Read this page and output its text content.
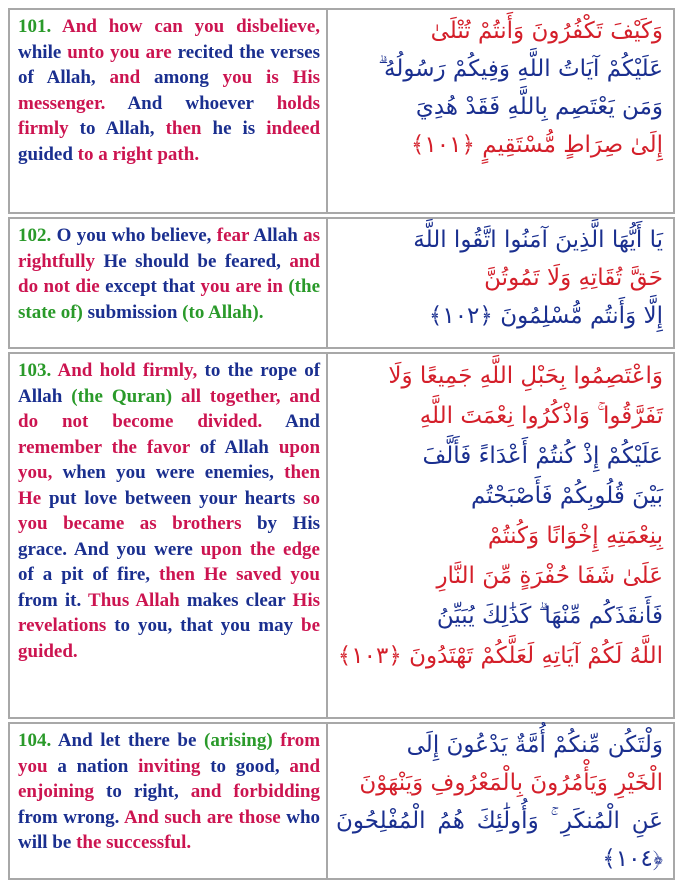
101. And how can you disbelieve, while unto you are recited the verses of Allah, and among you is His messenger. And whoever holds firmly to Allah, then he is indeed guided to a right path.
وَكَيْفَ تَكْفُرُونَ وَأَنتُمْ تُتْلَىٰ
عَلَيْكُمْ آيَاتُ اللَّهِ وَفِيكُمْ رَسُولُهُ ۗ
وَمَن يَعْتَصِم بِاللَّهِ فَقَدْ هُدِيَ
إِلَىٰ صِرَاطٍ مُّسْتَقِيمٍ ﴿١٠١﴾
102. O you who believe, fear Allah as rightfully He should be feared, and do not die except that you are in (the state of) submission (to Allah).
يَا أَيُّهَا الَّذِينَ آمَنُوا اتَّقُوا اللَّهَ
حَقَّ تُقَاتِهِ وَلَا تَمُوتُنَّ
إِلَّا وَأَنتُم مُّسْلِمُونَ ﴿١٠٢﴾
103. And hold firmly, to the rope of Allah (the Quran) all together, and do not become divided. And remember the favor of Allah upon you, when you were enemies, then He put love between your hearts so you became as brothers by His grace. And you were upon the edge of a pit of fire, then He saved you from it. Thus Allah makes clear His revelations to you, that you may be guided.
وَاعْتَصِمُوا بِحَبْلِ اللَّهِ جَمِيعًا وَلَا
تَفَرَّقُوا ۚ وَاذْكُرُوا نِعْمَتَ اللَّهِ
عَلَيْكُمْ إِذْ كُنتُمْ أَعْدَاءً فَأَلَّفَ
بَيْنَ قُلُوبِكُمْ فَأَصْبَحْتُم
بِنِعْمَتِهِ إِخْوَانًا وَكُنتُمْ
عَلَىٰ شَفَا حُفْرَةٍ مِّنَ النَّارِ
فَأَنقَذَكُم مِّنْهَا ۗ كَذَٰلِكَ يُبَيِّنُ
اللَّهُ لَكُمْ آيَاتِهِ لَعَلَّكُمْ تَهْتَدُونَ ﴿١٠٣﴾
104. And let there be (arising) from you a nation inviting to good, and enjoining to right, and forbidding from wrong. And such are those who will be the successful.
وَلْتَكُن مِّنكُمْ أُمَّةٌ يَدْعُونَ إِلَى
الْخَيْرِ وَيَأْمُرُونَ بِالْمَعْرُوفِ وَيَنْهَوْنَ
عَنِ الْمُنكَرِ ۚ وَأُولَٰئِكَ هُمُ الْمُفْلِحُونَ ﴿١٠٤﴾
